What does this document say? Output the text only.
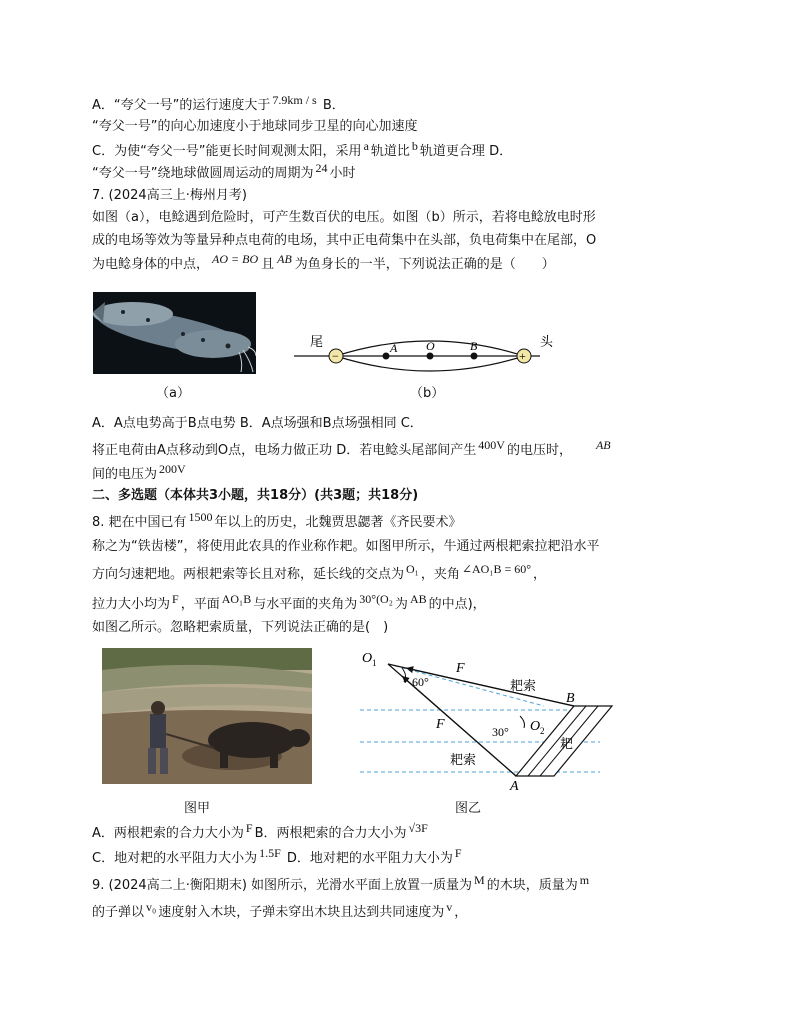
A．“夸父一号”的运行速度大于 7.9km / s B．
“夸父一号”的向心加速度小于地球同步卫星的向心加速度
C．为使“夸父一号”能更长时间观测太阳，采用 a 轨道比 b 轨道更合理 D．
“夸父一号”绕地球做圆周运动的周期为 24 小时
7. (2024高三上·梅州月考)
如图（a），电鲶遇到危险时，可产生数百伏的电压。如图（b）所示，若将电鲶放电时形
成的电场等效为等量异种点电荷的电场，其中正电荷集中在头部，负电荷集中在尾部，O
为电鲶身体的中点， AO = BO 且 AB 为鱼身长的一半，下列说法正确的是（　　）
（a）
−	+
A O	B
尾	头
（b）
A．A点电势高于B点电势 B．A点场强和B点场强相同 C．
将正电荷由A点移动到O点，电场力做正功 D．若电鲶头尾部间产生 400V 的电压时， AB
间的电压为 200V
二、多选题（本体共3小题，共18分）(共3题；共18分)
8. 耙在中国已有 1500 年以上的历史，北魏贾思勰著《齐民要术》
称之为“铁齿楼”，将使用此农具的作业称作耙。如图甲所示，牛通过两根耙索拉耙沿水平
方向匀速耙地。两根耙索等长且对称，延长线的交点为 O₁ ，夹角 ∠AO₁B = 60° ，
拉力大小均为 F ，平面 AO₁B 与水平面的夹角为 30°(O₂ 为 AB 的中点)，
如图乙所示。忽略耙索质量，下列说法正确的是(　)
图甲
O 1	F
F
60°
30° O 2
耙索
耙索
耙
B
A
图乙
A．两根耙索的合力大小为 F B．两根耙索的合力大小为 √3F
C．地对耙的水平阻力大小为 1.5F D．地对耙的水平阻力大小为 F
9. (2024高二上·衡阳期末) 如图所示，光滑水平面上放置一质量为 M 的木块，质量为 m
的子弹以 v₀ 速度射入木块，子弹未穿出木块且达到共同速度为 v ，
